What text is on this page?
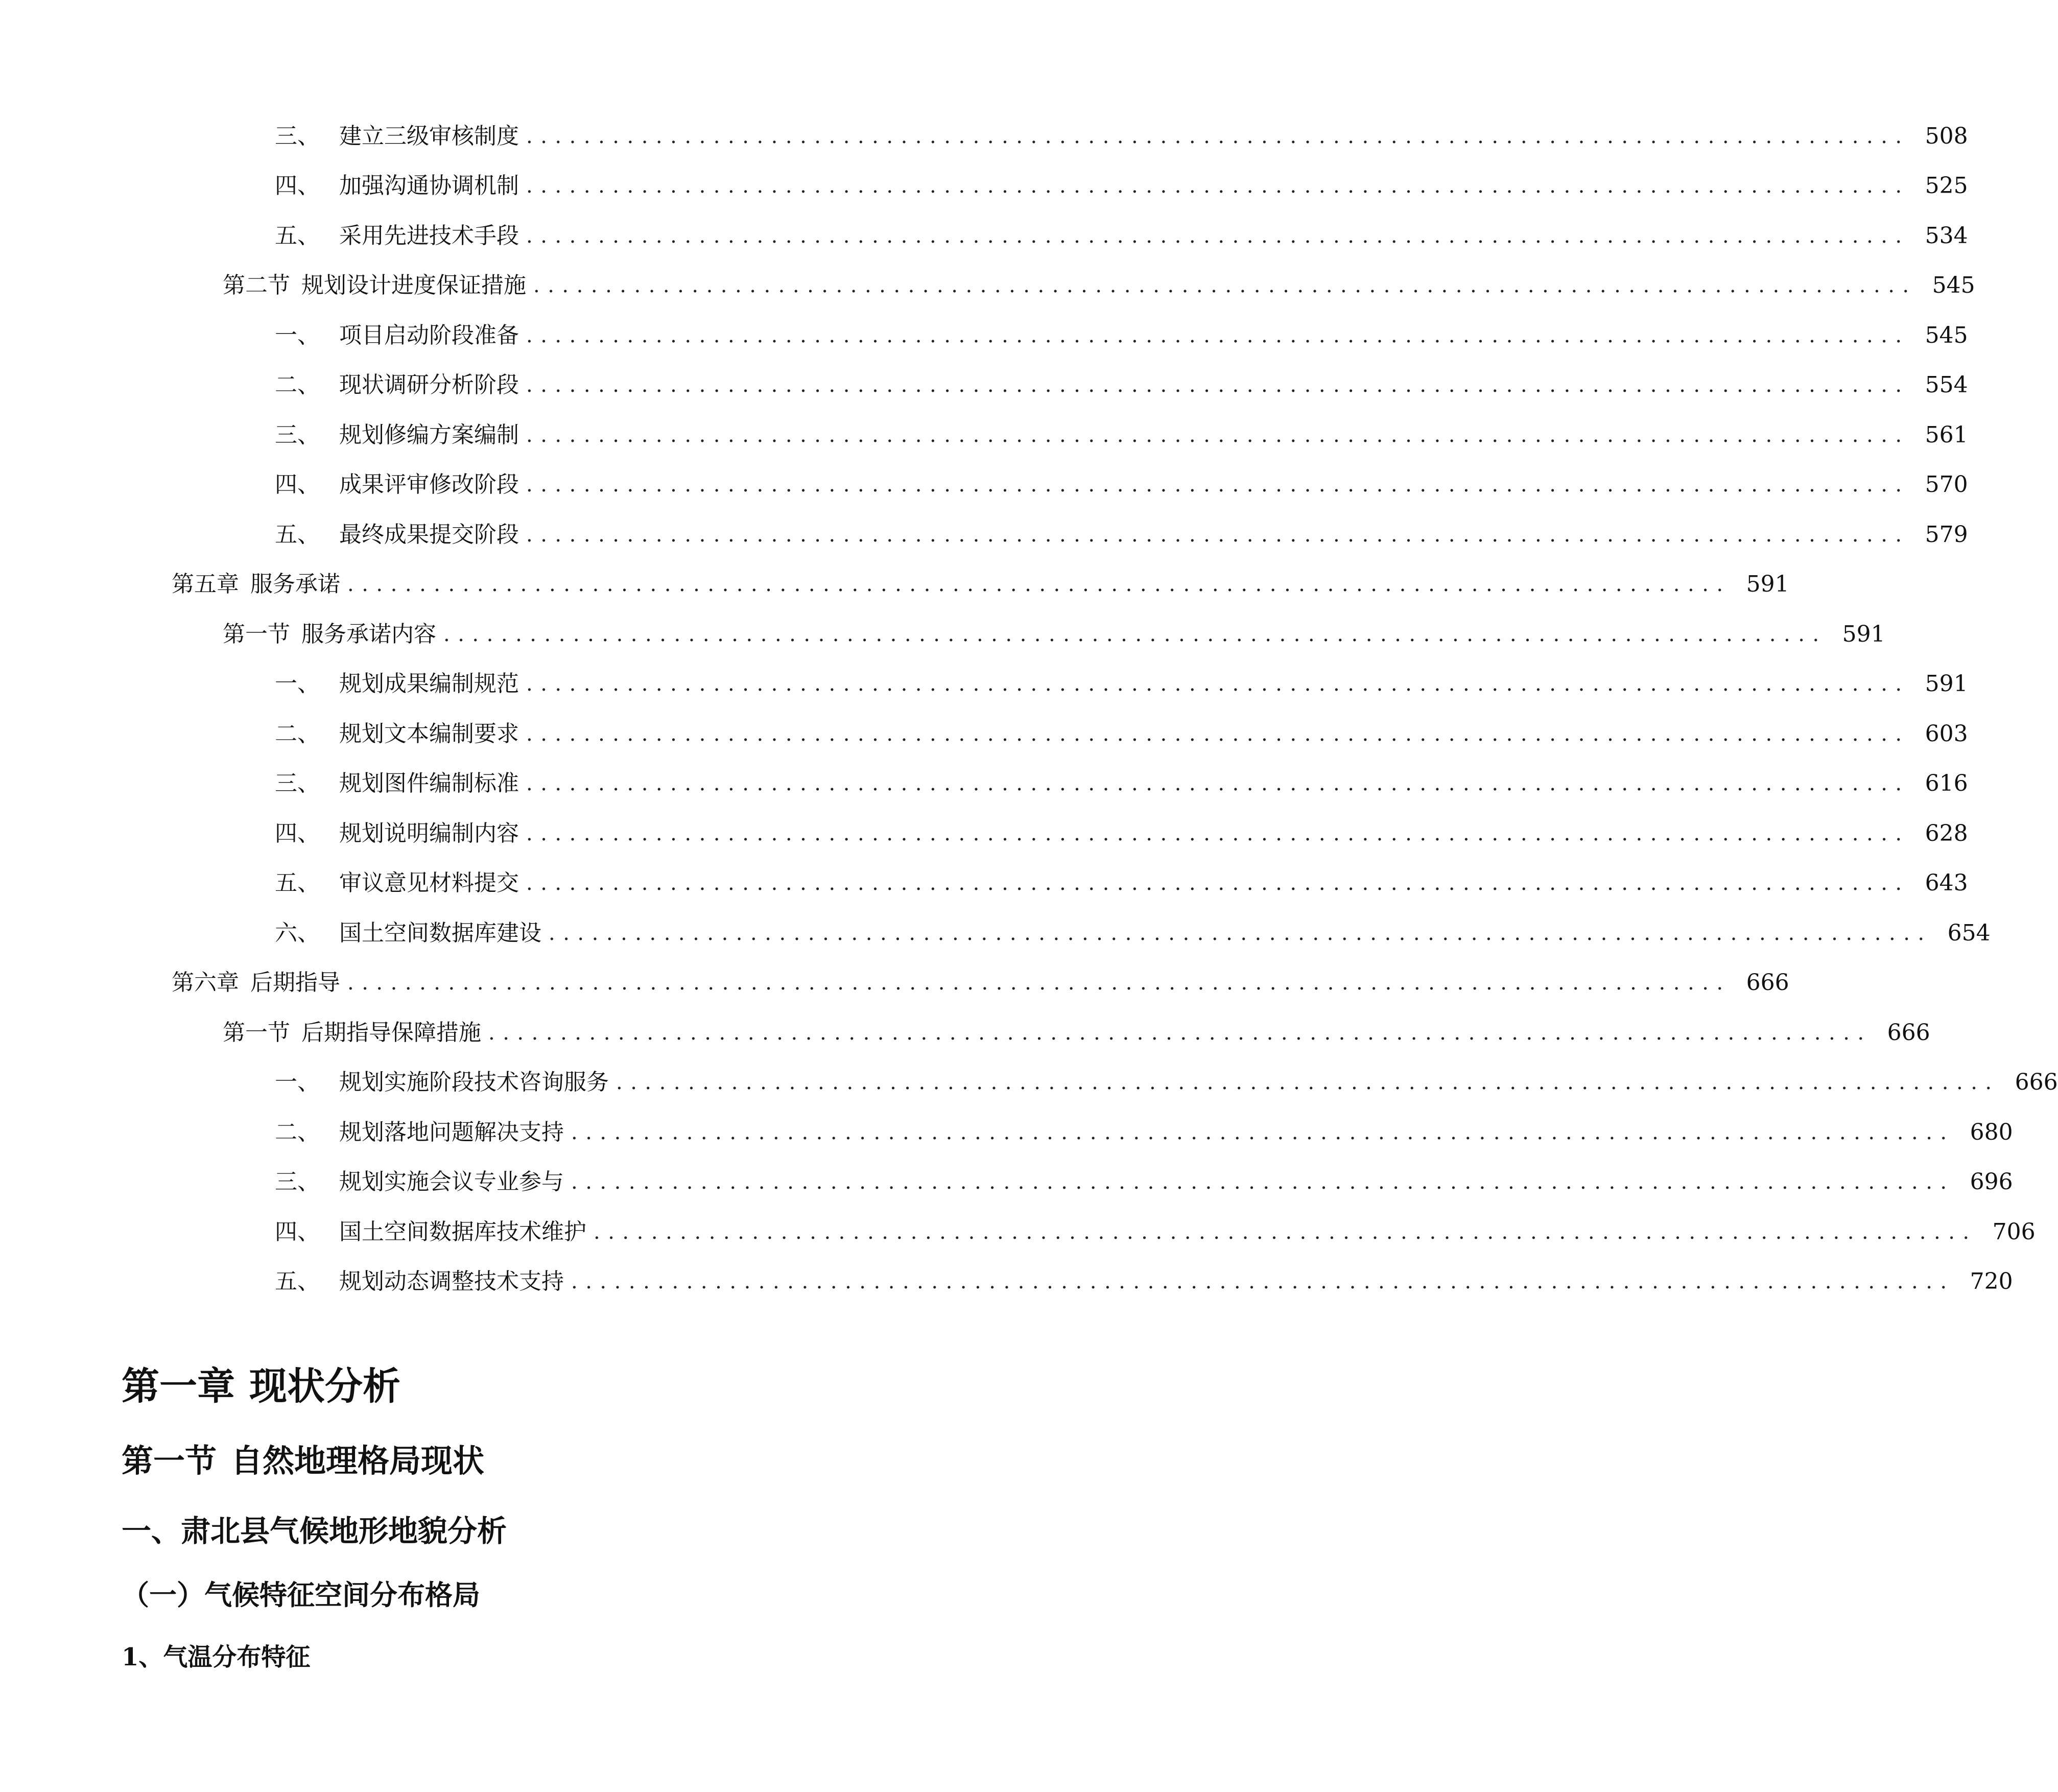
三、 建立三级审核制度 ................................................................................................ 508
四、 加强沟通协调机制 ................................................................................................ 525
五、 采用先进技术手段 ................................................................................................ 534
第二节 规划设计进度保证措施 ................................................................................................ 545
一、 项目启动阶段准备 ................................................................................................ 545
二、 现状调研分析阶段 ................................................................................................ 554
三、 规划修编方案编制 ................................................................................................ 561
四、 成果评审修改阶段 ................................................................................................ 570
五、 最终成果提交阶段 ................................................................................................ 579
第五章 服务承诺 ................................................................................................ 591
第一节 服务承诺内容 ................................................................................................ 591
一、 规划成果编制规范 ................................................................................................ 591
二、 规划文本编制要求 ................................................................................................ 603
三、 规划图件编制标准 ................................................................................................ 616
四、 规划说明编制内容 ................................................................................................ 628
五、 审议意见材料提交 ................................................................................................ 643
六、 国土空间数据库建设 ................................................................................................ 654
第六章 后期指导 ................................................................................................ 666
第一节 后期指导保障措施 ................................................................................................ 666
一、 规划实施阶段技术咨询服务 ................................................................................................ 666
二、 规划落地问题解决支持 ................................................................................................ 680
三、 规划实施会议专业参与 ................................................................................................ 696
四、 国土空间数据库技术维护 ................................................................................................ 706
五、 规划动态调整技术支持 ................................................................................................ 720
第一章 现状分析
第一节 自然地理格局现状
一、肃北县气候地形地貌分析
（一）气候特征空间分布格局
1、气温分布特征
